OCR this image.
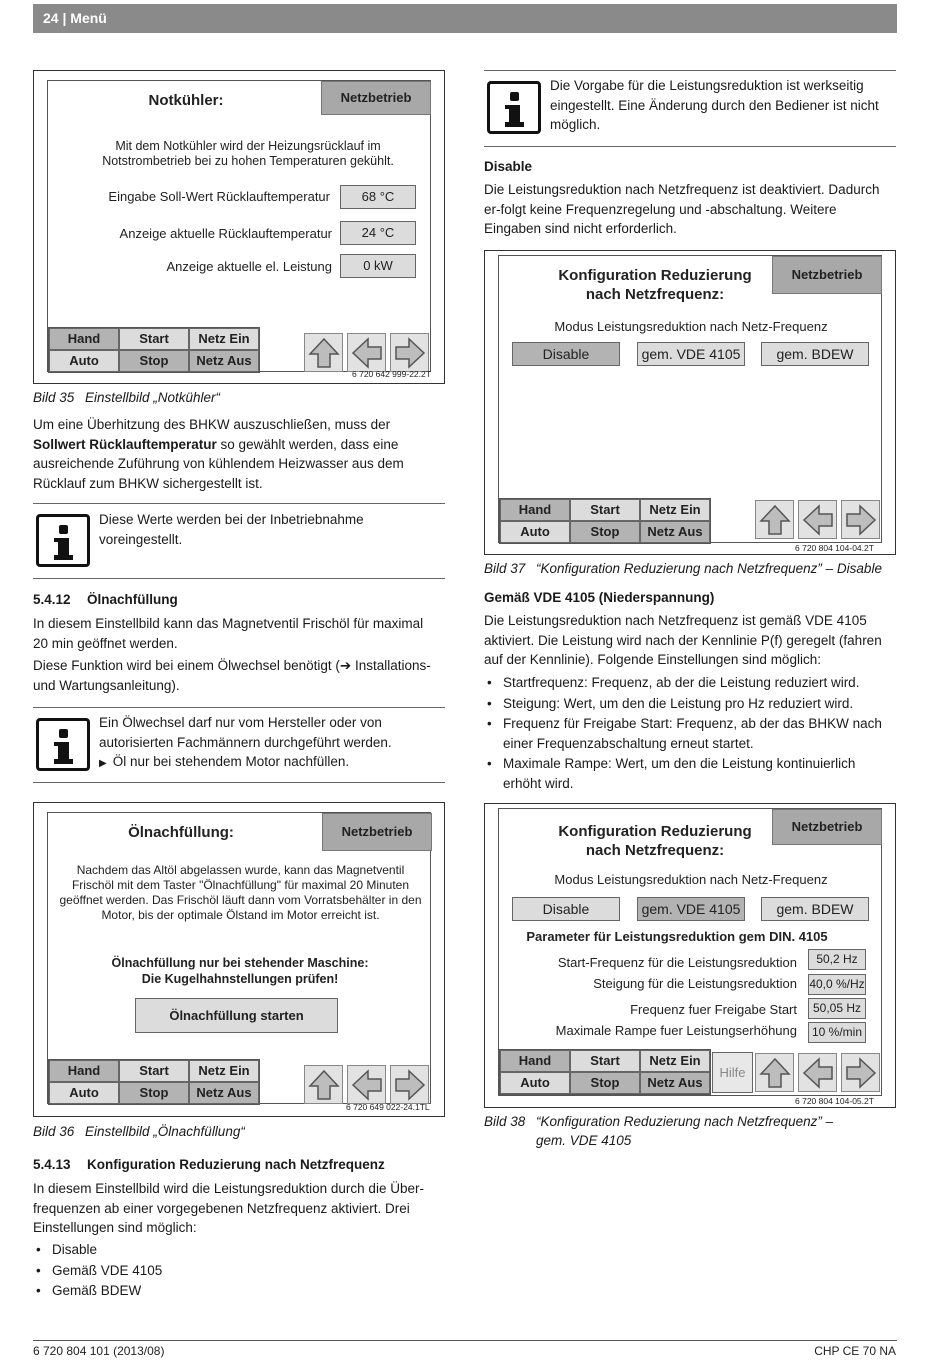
24 | Menü
Notkühler:	Netzbetrieb
Mit dem Notkühler wird der Heizungsrücklauf im Notstrombetrieb bei zu hohen Temperaturen gekühlt.
Eingabe Soll-Wert Rücklauftemperatur	68 °C
Anzeige aktuelle Rücklauftemperatur	24 °C
Anzeige aktuelle el. Leistung	0 kW
Hand	Start	Netz Ein
Auto	Stop	Netz Aus
6 720 642 999-22.2T
Bild 35 Einstellbild „Notkühler“
Um eine Überhitzung des BHKW auszuschließen, muss der Sollwert Rücklauftemperatur so gewählt werden, dass eine ausreichende Zuführung von kühlendem Heizwasser aus dem Rücklauf zum BHKW sichergestellt ist.
Diese Werte werden bei der Inbetriebnahme voreingestellt.
5.4.12 Ölnachfüllung
In diesem Einstellbild kann das Magnetventil Frischöl für maximal 20 min geöffnet werden.
Diese Funktion wird bei einem Ölwechsel benötigt (➔ Installations- und Wartungsanleitung).
Ein Ölwechsel darf nur vom Hersteller oder von autorisierten Fachmännern durchgeführt werden.
▶ Öl nur bei stehendem Motor nachfüllen.
Ölnachfüllung:	Netzbetrieb
Nachdem das Altöl abgelassen wurde, kann das Magnetventil Frischöl mit dem Taster "Ölnachfüllung" für maximal 20 Minuten geöffnet werden. Das Frischöl läuft dann vom Vorratsbehälter in den Motor, bis der optimale Ölstand im Motor erreicht ist.
Ölnachfüllung nur bei stehender Maschine:
Die Kugelhahnstellungen prüfen!
Ölnachfüllung starten
Hand	Start	Netz Ein
Auto	Stop	Netz Aus
6 720 649 022-24.1TL
Bild 36 Einstellbild „Ölnachfüllung“
5.4.13 Konfiguration Reduzierung nach Netzfrequenz
In diesem Einstellbild wird die Leistungsreduktion durch die Über-frequenzen ab einer vorgegebenen Netzfrequenz aktiviert. Drei Einstellungen sind möglich:
• Disable
• Gemäß VDE 4105
• Gemäß BDEW
Die Vorgabe für die Leistungsreduktion ist werkseitig eingestellt. Eine Änderung durch den Bediener ist nicht möglich.
Disable
Die Leistungsreduktion nach Netzfrequenz ist deaktiviert. Dadurch er-folgt keine Frequenzregelung und -abschaltung. Weitere Eingaben sind nicht erforderlich.
Konfiguration Reduzierung
nach Netzfrequenz:
Netzbetrieb
Modus Leistungsreduktion nach Netz-Frequenz
Disable	gem. VDE 4105	gem. BDEW
Hand	Start	Netz Ein
Auto	Stop	Netz Aus
6 720 804 104-04.2T
Bild 37 “Konfiguration Reduzierung nach Netzfrequenz” – Disable
Gemäß VDE 4105 (Niederspannung)
Die Leistungsreduktion nach Netzfrequenz ist gemäß VDE 4105 aktiviert. Die Leistung wird nach der Kennlinie P(f) geregelt (fahren auf der Kennlinie). Folgende Einstellungen sind möglich:
• Startfrequenz: Frequenz, ab der die Leistung reduziert wird.
• Steigung: Wert, um den die Leistung pro Hz reduziert wird.
• Frequenz für Freigabe Start: Frequenz, ab der das BHKW nach einer Frequenzabschaltung erneut startet.
• Maximale Rampe: Wert, um den die Leistung kontinuierlich erhöht wird.
Konfiguration Reduzierung
nach Netzfrequenz:
Netzbetrieb
Modus Leistungsreduktion nach Netz-Frequenz
Disable	gem. VDE 4105	gem. BDEW
Parameter für Leistungsreduktion gem DIN. 4105
Start-Frequenz für die Leistungsreduktion	50,2 Hz
Steigung für die Leistungsreduktion 40,0 %/Hz
Frequenz fuer Freigabe Start	50,05 Hz
Maximale Rampe fuer Leistungserhöhung	10 %/min
Hand	Start	Netz Ein
Auto	Stop	Netz Aus
Hilfe
6 720 804 104-05.2T
Bild 38 “Konfiguration Reduzierung nach Netzfrequenz” – gem. VDE 4105
6 720 804 101 (2013/08)	CHP CE 70 NA
